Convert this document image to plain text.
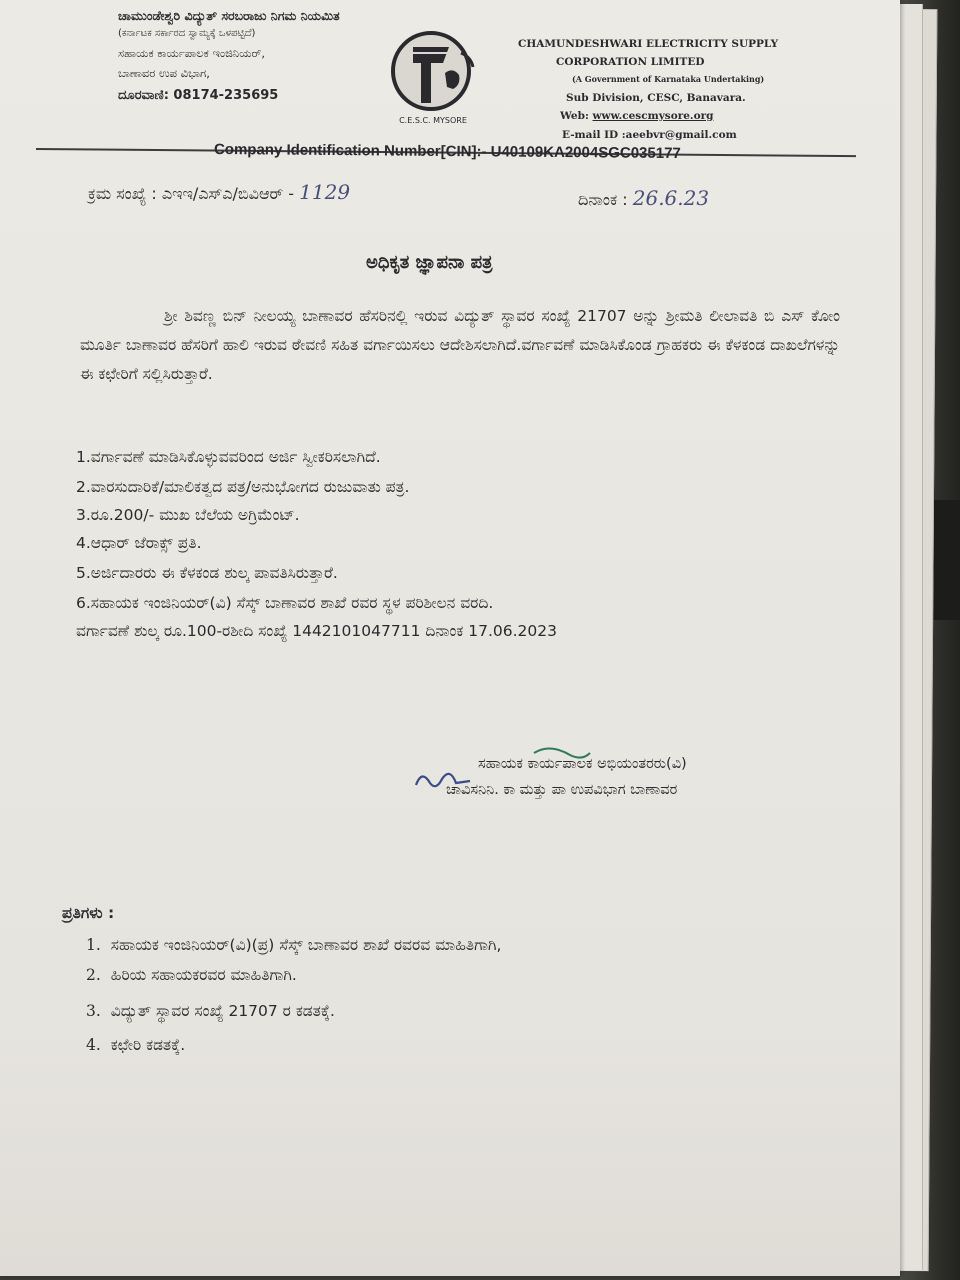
ಚಾಮುಂಡೇಶ್ವರಿ ವಿದ್ಯುತ್ ಸರಬರಾಜು ನಿಗಮ ನಿಯಮಿತ
(ಕರ್ನಾಟಕ ಸರ್ಕಾರದ ಸ್ವಾಮ್ಯಕ್ಕೆ ಒಳಪಟ್ಟಿದೆ)
ಸಹಾಯಕ ಕಾರ್ಯಪಾಲಕ ಇಂಜಿನಿಯರ್,
ಬಾಣಾವರ ಉಪ ವಿಭಾಗ,
ದೂರವಾಣಿ: 08174-235695
C.E.S.C. MYSORE
CHAMUNDESHWARI ELECTRICITY SUPPLY
CORPORATION LIMITED
(A Government of Karnataka Undertaking)
Sub Division, CESC, Banavara.
Web: www.cescmysore.org
E-mail ID :aeebvr@gmail.com
Company Identification Number[CIN]:- U40109KA2004SGC035177
ಕ್ರಮ ಸಂಖ್ಯೆ : ಎಇಇ/ಎಸ್ಎ/ಬಿವಿಆರ್ - 1129	ದಿನಾಂಕ : 26.6.23
ಅಧಿಕೃತ ಜ್ಞಾಪನಾ ಪತ್ರ
ಶ್ರೀ ಶಿವಣ್ಣ ಬಿನ್ ನೀಲಯ್ಯ ಬಾಣಾವರ ಹೆಸರಿನಲ್ಲಿ ಇರುವ ವಿದ್ಯುತ್ ಸ್ಥಾವರ ಸಂಖ್ಯೆ 21707 ಅನ್ನು ಶ್ರೀಮತಿ ಲೀಲಾವತಿ ಬಿ ಎಸ್ ಕೋಂ ಮೂರ್ತಿ ಬಾಣಾವರ ಹೆಸರಿಗೆ ಹಾಲಿ ಇರುವ ಠೇವಣಿ ಸಹಿತ ವರ್ಗಾಯಿಸಲು ಆದೇಶಿಸಲಾಗಿದೆ.ವರ್ಗಾವಣೆ ಮಾಡಿಸಿಕೊಂಡ ಗ್ರಾಹಕರು ಈ ಕೆಳಕಂಡ ದಾಖಲೆಗಳನ್ನು ಈ ಕಛೇರಿಗೆ ಸಲ್ಲಿಸಿರುತ್ತಾರೆ.
1.ವರ್ಗಾವಣೆ ಮಾಡಿಸಿಕೊಳ್ಳುವವರಿಂದ ಅರ್ಜಿ ಸ್ವೀಕರಿಸಲಾಗಿದೆ.
2.ವಾರಸುದಾರಿಕೆ/ಮಾಲಿಕತ್ವದ ಪತ್ರ/ಅನುಭೋಗದ ರುಜುವಾತು ಪತ್ರ.
3.ರೂ.200/- ಮುಖ ಬೆಲೆಯ ಅಗ್ರಿಮೆಂಟ್.
4.ಆಧಾರ್ ಜೆರಾಕ್ಸ್ ಪ್ರತಿ.
5.ಅರ್ಜಿದಾರರು ಈ ಕೆಳಕಂಡ ಶುಲ್ಕ ಪಾವತಿಸಿರುತ್ತಾರೆ.
6.ಸಹಾಯಕ ಇಂಜಿನಿಯರ್(ವಿ) ಸೆಸ್ಕ್ ಬಾಣಾವರ ಶಾಖೆ ರವರ ಸ್ಥಳ ಪರಿಶೀಲನ ವರದಿ.
ವರ್ಗಾವಣೆ ಶುಲ್ಕ ರೂ.100-ರಶೀದಿ ಸಂಖ್ಯೆ 1442101047711 ದಿನಾಂಕ 17.06.2023
ಸಹಾಯಕ ಕಾರ್ಯಪಾಲಕ ಅಭಿಯಂತರರು(ವಿ)
ಚಾವಿಸನಿನಿ. ಕಾ ಮತ್ತು ಪಾ ಉಪವಿಭಾಗ ಬಾಣಾವರ
ಪ್ರತಿಗಳು :
1. ಸಹಾಯಕ ಇಂಜಿನಿಯರ್(ವಿ)(ಪ್ರ) ಸೆಸ್ಕ್ ಬಾಣಾವರ ಶಾಖೆ ರವರವ ಮಾಹಿತಿಗಾಗಿ,
2. ಹಿರಿಯ ಸಹಾಯಕರವರ ಮಾಹಿತಿಗಾಗಿ.
3. ವಿದ್ಯುತ್ ಸ್ಥಾವರ ಸಂಖ್ಯೆ 21707 ರ ಕಡತಕ್ಕೆ.
4. ಕಛೇರಿ ಕಡತಕ್ಕೆ.
